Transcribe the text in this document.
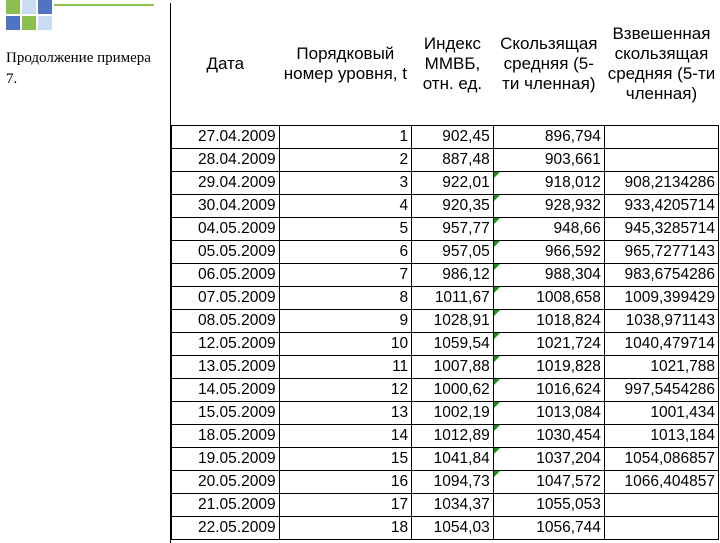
Продолжение примера 7.
Дата	Порядковый номер уровня, t	Индекс ММВБ, отн. ед.	Скользящая средняя (5-ти членная)	Взвешенная скользящая средняя (5-ти членная)
27.04.2009	1	902,45	896,794	
28.04.2009	2	887,48	903,661	
29.04.2009	3	922,01	918,012	908,2134286
30.04.2009	4	920,35	928,932	933,4205714
04.05.2009	5	957,77	948,66	945,3285714
05.05.2009	6	957,05	966,592	965,7277143
06.05.2009	7	986,12	988,304	983,6754286
07.05.2009	8	1011,67	1008,658	1009,399429
08.05.2009	9	1028,91	1018,824	1038,971143
12.05.2009	10	1059,54	1021,724	1040,479714
13.05.2009	11	1007,88	1019,828	1021,788
14.05.2009	12	1000,62	1016,624	997,5454286
15.05.2009	13	1002,19	1013,084	1001,434
18.05.2009	14	1012,89	1030,454	1013,184
19.05.2009	15	1041,84	1037,204	1054,086857
20.05.2009	16	1094,73	1047,572	1066,404857
21.05.2009	17	1034,37	1055,053	
22.05.2009	18	1054,03	1056,744	
